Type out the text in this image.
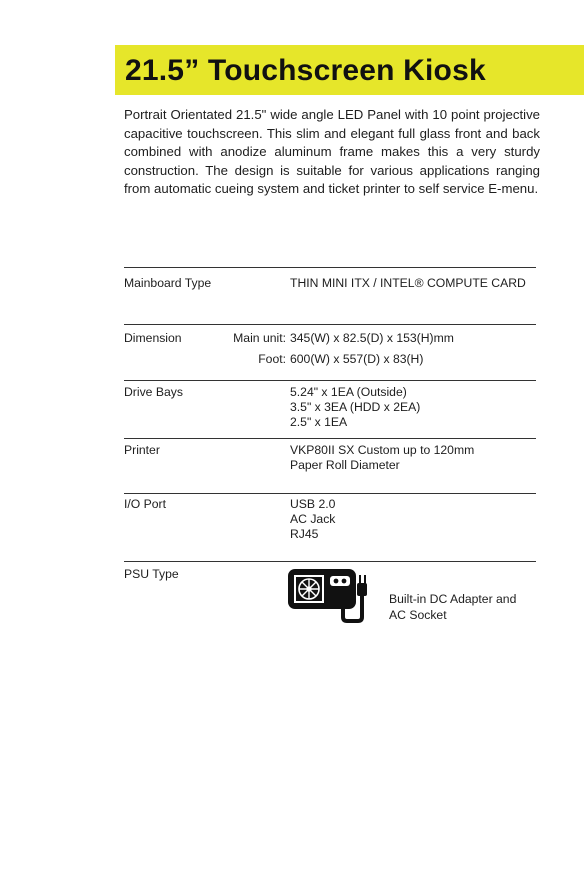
21.5” Touchscreen Kiosk

Portrait Orientated 21.5" wide angle LED Panel with 10 point projective capacitive touchscreen. This slim and elegant full glass front and back combined with anodize aluminum frame makes this a very sturdy construction. The design is suitable for various applications ranging from automatic cueing system and ticket printer to self service E-menu.

Mainboard Type	THIN MINI ITX / INTEL® COMPUTE CARD
Dimension	Main unit: 345(W) x 82.5(D) x 153(H)mm
Foot: 600(W) x 557(D) x 83(H)
Drive Bays	5.24" x 1EA (Outside)
3.5" x 3EA (HDD x 2EA)
2.5" x 1EA
Printer	VKP80II SX Custom up to 120mm
Paper Roll Diameter
I/O Port	USB 2.0
AC Jack
RJ45
PSU Type
Built-in DC Adapter and
AC Socket
